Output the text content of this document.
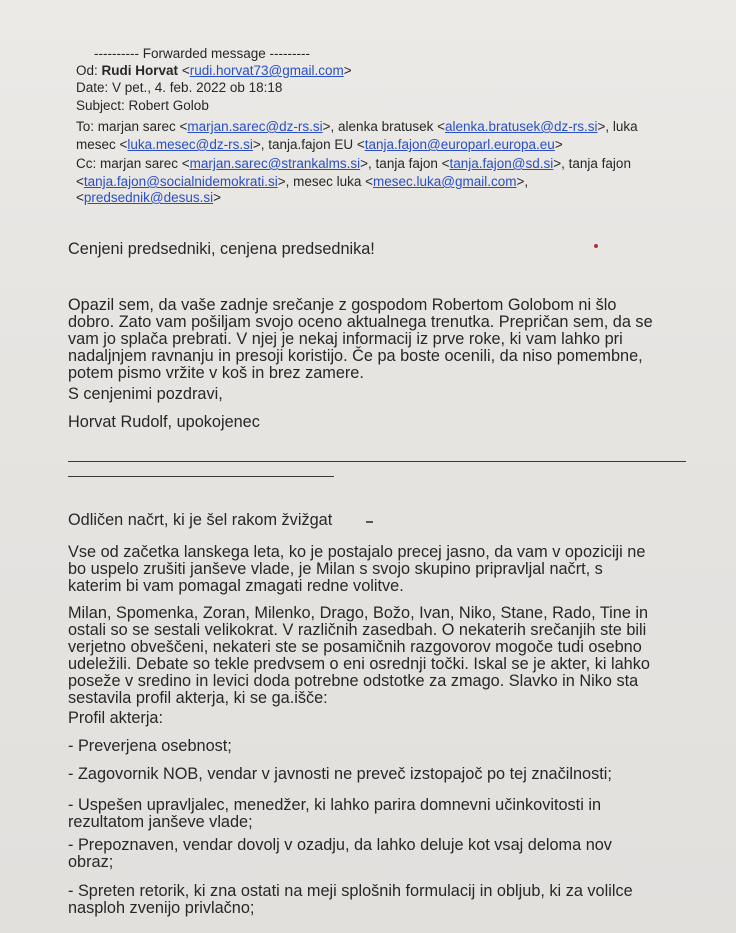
---------- Forwarded message ---------
Od: Rudi Horvat <rudi.horvat73@gmail.com>
Date: V pet., 4. feb. 2022 ob 18:18
Subject: Robert Golob
To: marjan sarec <marjan.sarec@dz-rs.si>, alenka bratusek <alenka.bratusek@dz-rs.si>, luka
mesec <luka.mesec@dz-rs.si>, tanja.fajon EU <tanja.fajon@europarl.europa.eu>
Cc: marjan sarec <marjan.sarec@strankalms.si>, tanja fajon <tanja.fajon@sd.si>, tanja fajon
<tanja.fajon@socialnidemokrati.si>, mesec luka <mesec.luka@gmail.com>,
<predsednik@desus.si>
Cenjeni predsedniki, cenjena predsednika!
Opazil sem, da vaše zadnje srečanje z gospodom Robertom Golobom ni šlo
dobro. Zato vam pošiljam svojo oceno aktualnega trenutka. Prepričan sem, da se
vam jo splača prebrati. V njej je nekaj informacij iz prve roke, ki vam lahko pri
nadaljnjem ravnanju in presoji koristijo. Če pa boste ocenili, da niso pomembne,
potem pismo vržite v koš in brez zamere.
S cenjenimi pozdravi,
Horvat Rudolf, upokojenec
Odličen načrt, ki je šel rakom žvižgat
Vse od začetka lanskega leta, ko je postajalo precej jasno, da vam v opoziciji ne
bo uspelo zrušiti janševe vlade, je Milan s svojo skupino pripravljal načrt, s
katerim bi vam pomagal zmagati redne volitve.
Milan, Spomenka, Zoran, Milenko, Drago, Božo, Ivan, Niko, Stane, Rado, Tine in
ostali so se sestali velikokrat. V različnih zasedbah. O nekaterih srečanjih ste bili
verjetno obveščeni, nekateri ste se posamičnih razgovorov mogoče tudi osebno
udeležili. Debate so tekle predvsem o eni osrednji točki. Iskal se je akter, ki lahko
poseže v sredino in levici doda potrebne odstotke za zmago. Slavko in Niko sta
sestavila profil akterja, ki se ga.išče:
Profil akterja:
- Preverjena osebnost;
- Zagovornik NOB, vendar v javnosti ne preveč izstopajoč po tej značilnosti;
- Uspešen upravljalec, menedžer, ki lahko parira domnevni učinkovitosti in
rezultatom janševe vlade;
- Prepoznaven, vendar dovolj v ozadju, da lahko deluje kot vsaj deloma nov
obraz;
- Spreten retorik, ki zna ostati na meji splošnih formulacij in obljub, ki za volilce
nasploh zvenijo privlačno;
